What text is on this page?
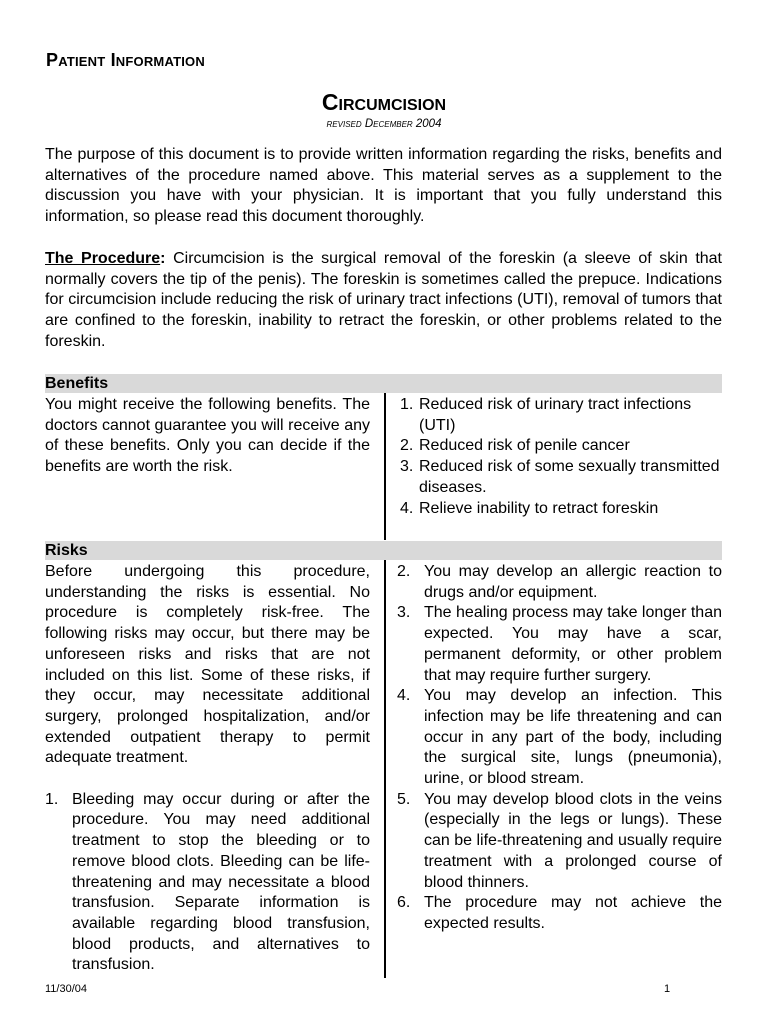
Patient Information
Circumcision
revised December 2004
The purpose of this document is to provide written information regarding the risks, benefits and alternatives of the procedure named above. This material serves as a supplement to the discussion you have with your physician. It is important that you fully understand this information, so please read this document thoroughly.
The Procedure: Circumcision is the surgical removal of the foreskin (a sleeve of skin that normally covers the tip of the penis). The foreskin is sometimes called the prepuce. Indications for circumcision include reducing the risk of urinary tract infections (UTI), removal of tumors that are confined to the foreskin, inability to retract the foreskin, or other problems related to the foreskin.
Benefits
You might receive the following benefits. The doctors cannot guarantee you will receive any of these benefits. Only you can decide if the benefits are worth the risk.
1. Reduced risk of urinary tract infections (UTI)
2. Reduced risk of penile cancer
3. Reduced risk of some sexually transmitted diseases.
4. Relieve inability to retract foreskin
Risks
Before undergoing this procedure, understanding the risks is essential. No procedure is completely risk-free. The following risks may occur, but there may be unforeseen risks and risks that are not included on this list. Some of these risks, if they occur, may necessitate additional surgery, prolonged hospitalization, and/or extended outpatient therapy to permit adequate treatment.
1. Bleeding may occur during or after the procedure. You may need additional treatment to stop the bleeding or to remove blood clots. Bleeding can be life-threatening and may necessitate a blood transfusion. Separate information is available regarding blood transfusion, blood products, and alternatives to transfusion.
2. You may develop an allergic reaction to drugs and/or equipment.
3. The healing process may take longer than expected. You may have a scar, permanent deformity, or other problem that may require further surgery.
4. You may develop an infection. This infection may be life threatening and can occur in any part of the body, including the surgical site, lungs (pneumonia), urine, or blood stream.
5. You may develop blood clots in the veins (especially in the legs or lungs). These can be life-threatening and usually require treatment with a prolonged course of blood thinners.
6. The procedure may not achieve the expected results.
11/30/04	1
